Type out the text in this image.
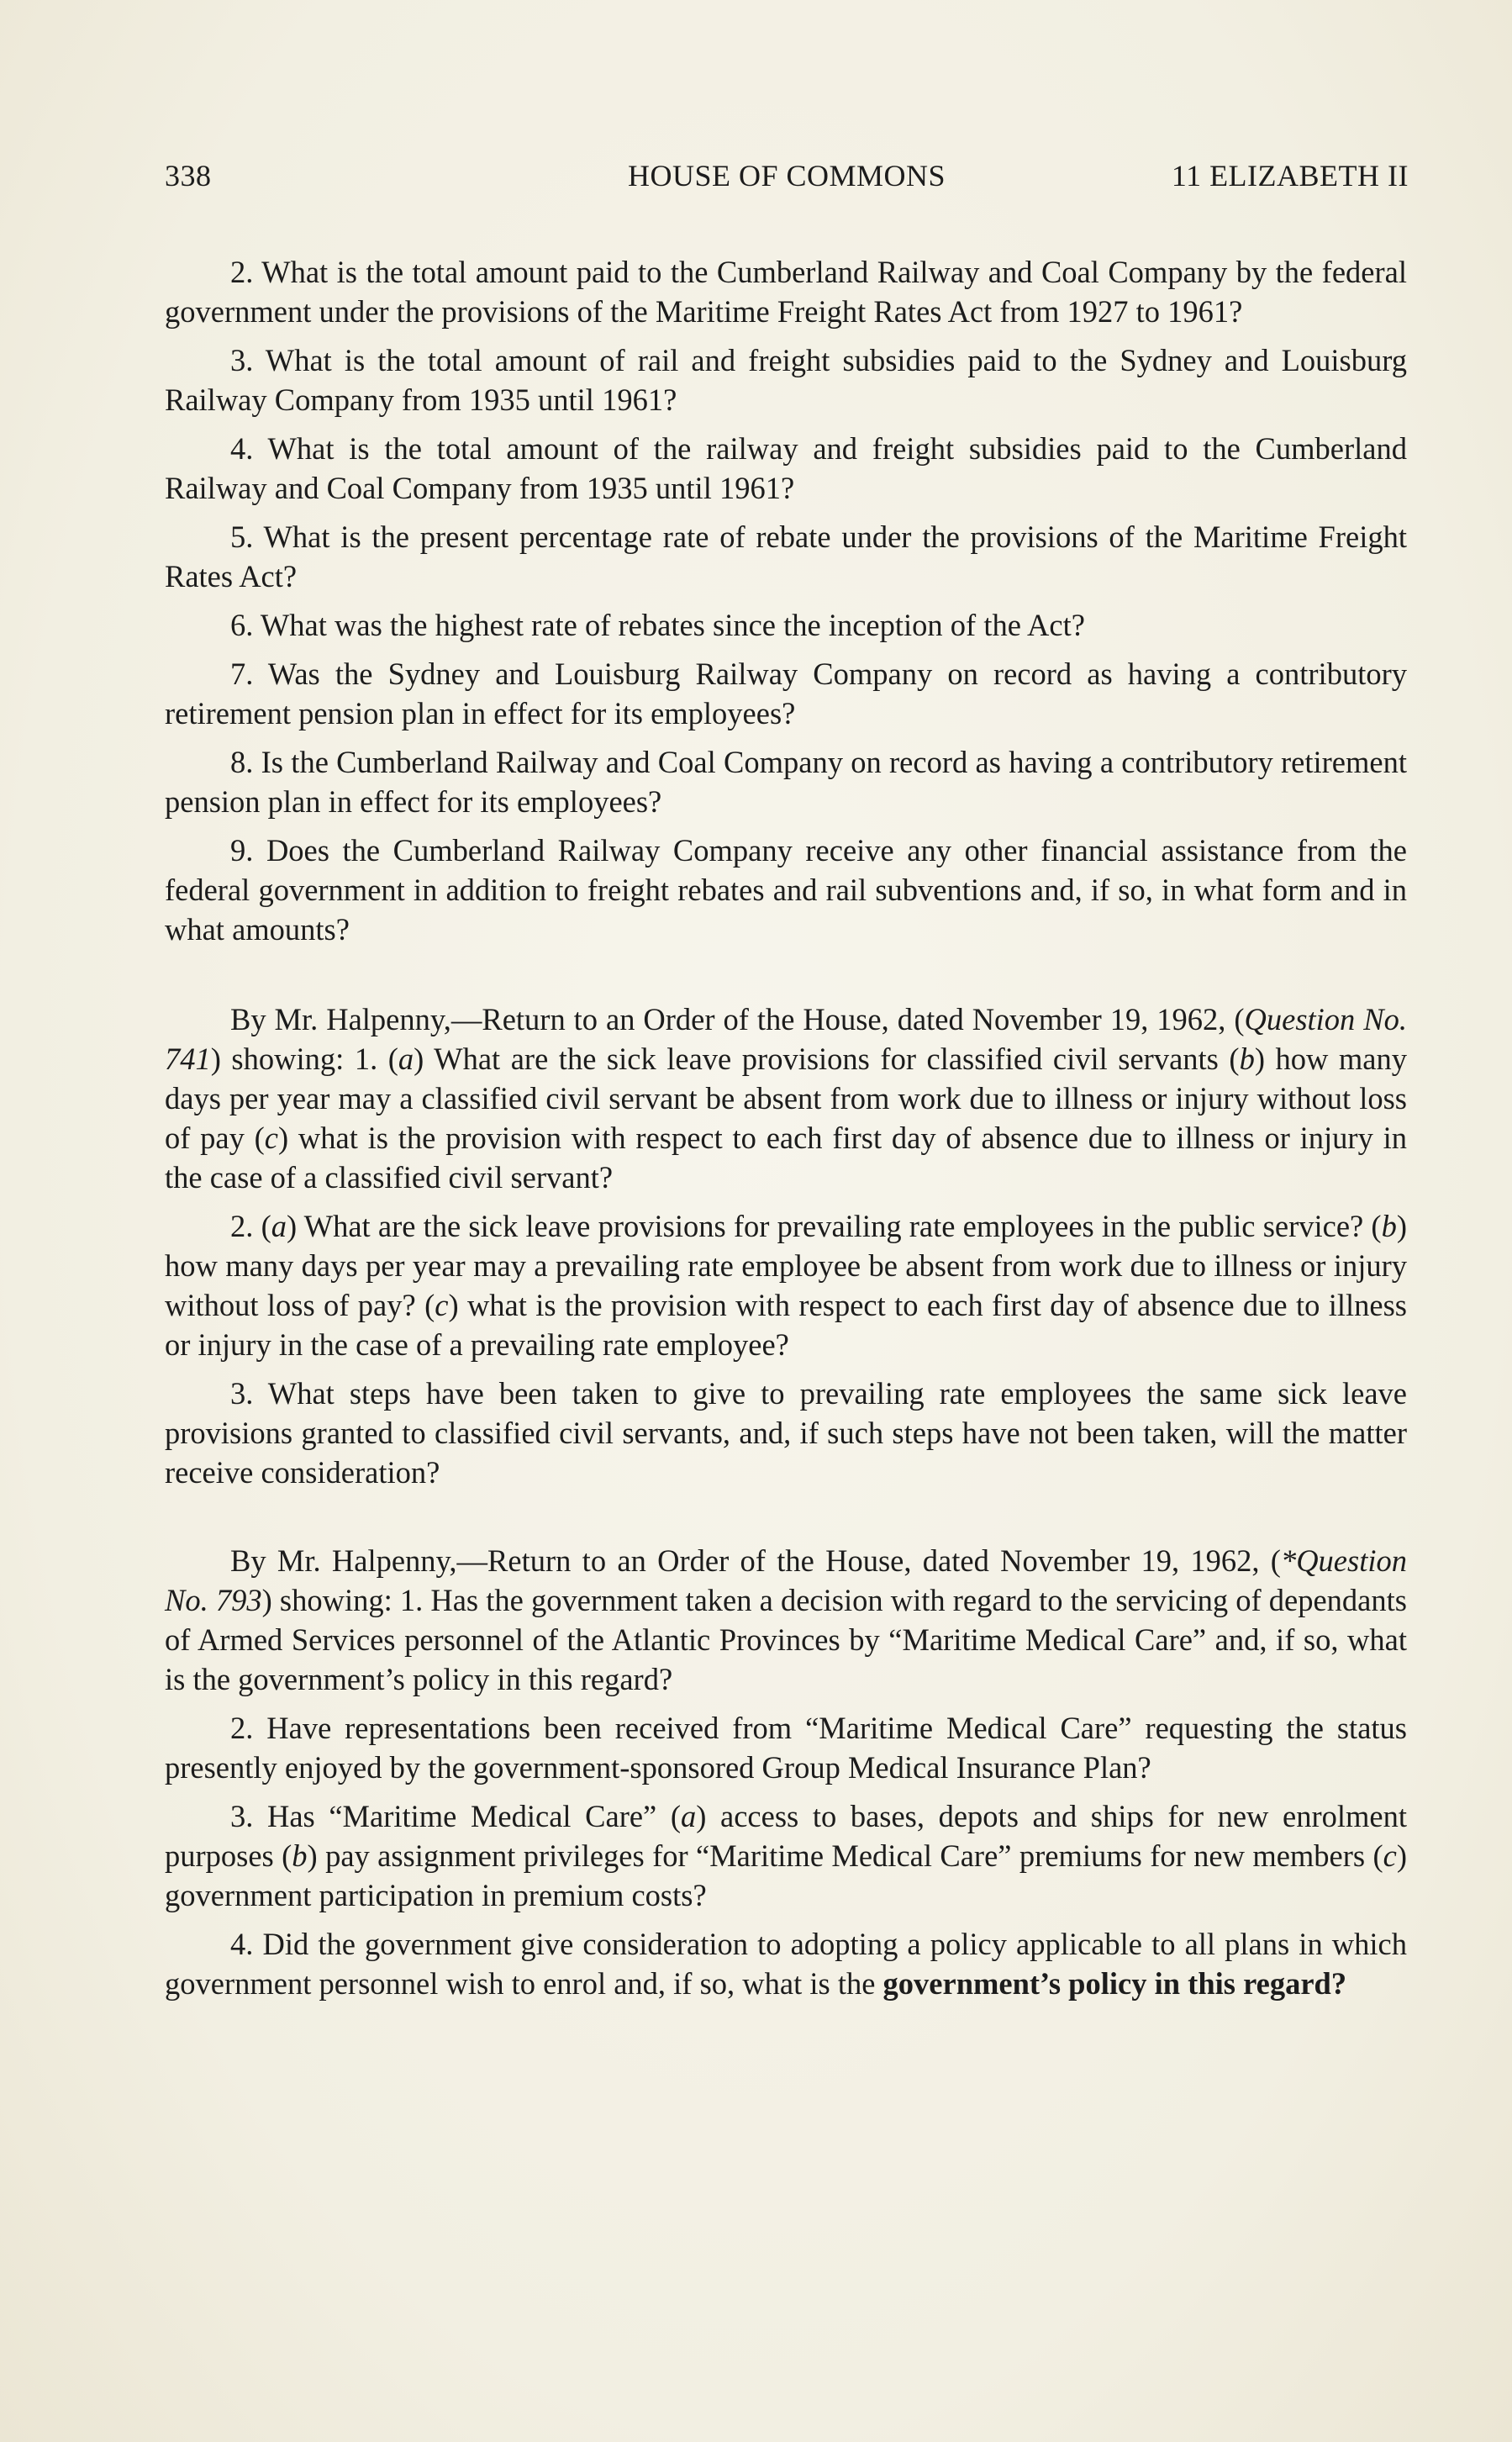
338	HOUSE OF COMMONS	11 ELIZABETH II

2. What is the total amount paid to the Cumberland Railway and Coal Company by the federal government under the provisions of the Maritime Freight Rates Act from 1927 to 1961?

3. What is the total amount of rail and freight subsidies paid to the Sydney and Louisburg Railway Company from 1935 until 1961?

4. What is the total amount of the railway and freight subsidies paid to the Cumberland Railway and Coal Company from 1935 until 1961?

5. What is the present percentage rate of rebate under the provisions of the Maritime Freight Rates Act?

6. What was the highest rate of rebates since the inception of the Act?

7. Was the Sydney and Louisburg Railway Company on record as having a contributory retirement pension plan in effect for its employees?

8. Is the Cumberland Railway and Coal Company on record as having a contributory retirement pension plan in effect for its employees?

9. Does the Cumberland Railway Company receive any other financial assistance from the federal government in addition to freight rebates and rail subventions and, if so, in what form and in what amounts?

By Mr. Halpenny,—Return to an Order of the House, dated November 19, 1962, (Question No. 741) showing: 1. (a) What are the sick leave provisions for classified civil servants (b) how many days per year may a classified civil servant be absent from work due to illness or injury without loss of pay (c) what is the provision with respect to each first day of absence due to illness or injury in the case of a classified civil servant?

2. (a) What are the sick leave provisions for prevailing rate employees in the public service? (b) how many days per year may a prevailing rate employee be absent from work due to illness or injury without loss of pay? (c) what is the provision with respect to each first day of absence due to illness or injury in the case of a prevailing rate employee?

3. What steps have been taken to give to prevailing rate employees the same sick leave provisions granted to classified civil servants, and, if such steps have not been taken, will the matter receive consideration?

By Mr. Halpenny,—Return to an Order of the House, dated November 19, 1962, (*Question No. 793) showing: 1. Has the government taken a decision with regard to the servicing of dependants of Armed Services personnel of the Atlantic Provinces by “Maritime Medical Care” and, if so, what is the government’s policy in this regard?

2. Have representations been received from “Maritime Medical Care” requesting the status presently enjoyed by the government-sponsored Group Medical Insurance Plan?

3. Has “Maritime Medical Care” (a) access to bases, depots and ships for new enrolment purposes (b) pay assignment privileges for “Maritime Medical Care” premiums for new members (c) government participation in premium costs?

4. Did the government give consideration to adopting a policy applicable to all plans in which government personnel wish to enrol and, if so, what is the government’s policy in this regard?
